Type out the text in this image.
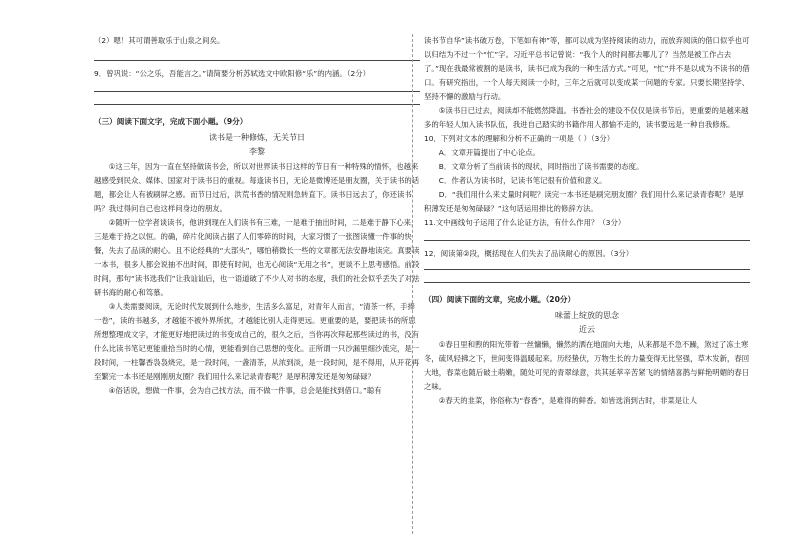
（2）嗯！其可谓善取乐于山泉之间矣。

9．曾巩说：“公之乐，吾能言之。”请简要分析苏轼选文中欧阳修“乐”的内涵。（2分）

（三）阅读下面文字，完成下面小题。（9分）

读书是一种修炼，无关节日

李黎

①这三年，因为一直在坚持做读书会，所以对世界读书日这样的节日有一种特殊的情怀，也越来越感受到民众、媒体、国家对于读书日的重视。每逢读书日，无论是微博还是朋友圈，关于读书的话题，都会让人有被刷屏之感。而节日过后，洪荒书香的情况则急转直下。读书日远去了，你还读书吗？我过得问自己也这样问身边的朋友。

②随听一位学者谈读书，他讲到现在人们读书有三难，一是难于抽出时间，二是难于静下心来，三是难于持之以恒。的确，碎片化阅读占据了人们零碎的时间，大家习惯了一张图读懂一件事的快餐，失去了品读的耐心。且不论经典的“大部头”，哪怕稍微长一些的文章都无法安静地读完。真要读一本书，很多人都会说抽不出时间，即使有时间，也无心阅读“无用之书”，更谈不上思考感悟。前段时间，那句“读书选我们”让我讪讪后，也一语道破了不少人对书的态度，我们的社会似乎丢失了对祛研书海的耐心和笃慕。

③人类需要阅读，无论时代发展到什么地步，生活多么富足，对青年人而言，“清茶一杯，手捧一卷”，读的书越多，才越能不被外界所扰，才越能比别人走得更远。更重要的是，要把读书的所思所想整理成文字，才能更好地把读过的书变成自己的，很久之后，当你再次拜起那些读过的书，没有什么比读书笔记更能重拾当时的心情，更能看到自己思想的变化。正所谓一只沙漏里细沙流完，是一段时间，一柱馨香袅袅烧完，是一段时间，一盏清茶，从浓到淡，是一段时间，是不得用，从开花再至繁完一本书还是刚刚朋友圈？我们用什么来记录青春呢？是厚积薄发还是匆匆碌碌？

④俗话说，想做一件事，会为自己找方法，而不做一件事，总会是能找到借口。”聪有

读书节自华”读书破万卷，下笔如有神”等，都可以成为坚持阅读的动力，而放弃阅读的借口似乎也可以归结为不过一个“忙”字。习近平总书记曾说：“我个人的时间都去哪儿了？当然是被工作占去了。”现在我最常被割的是读书，读书已成为我的一种生活方式。”可见，“忙”并不是以成为不读书的借口。有研究指出，一个人每天阅读一小时，三年之后就可以变成某一问题的专家。只要长期坚持学、坚持不懈的激励与行动。

⑤读书日已过去，阅读却不能燃然降温。书香社会的建设不仅仅是读书节后，更重要的是越来越多的年轻人加入读书队伍，我进自己踏实的书籍作用人都愉不走的，读书要远是一种自我修炼。

10．下列对文本的理解和分析不正确的一项是（ ）（3分）

A．文章开篇提出了中心论点。

B．文章分析了当前读书的现状，同时指出了读书需要的态度。

C．作者认为读书时，记读书笔记很有价值和意义。

D．“我们用什么来丈量时间呢？读完一本书还是刷完朋友圈？我们用什么来记录青春呢？是厚积薄发还是匆匆碌碌？”这句话运用排比的修辞方法。

11.文中画线句子运用了什么论证方法，有什么作用？（3分）

12．阅读第②段，概括现在人们失去了品读耐心的原因。（3分）

（四）阅读下面的文章，完成小题。（20分）

味蕾上绽放的思念

近云

①春日里和煦的阳光带着一丝慵懒，懒然的洒在地面向大地，从来都是不急不躁，煞过了冻土寒冬，硫风轻拂之下，世间变得温暖起来。历经蛰伏，万物生长的力量变得无比坚强，草木发新，春回大地，春菜也随后破土萌嫩，随处可见的青翠绿意，共其延萃辛苦紧飞的情绪喜鹊与鲜艳明媚的春日之味。

②春天的韭菜，你俗称为“春香”，是难得的鲜香。如皆选消到古时，非菜是让人
